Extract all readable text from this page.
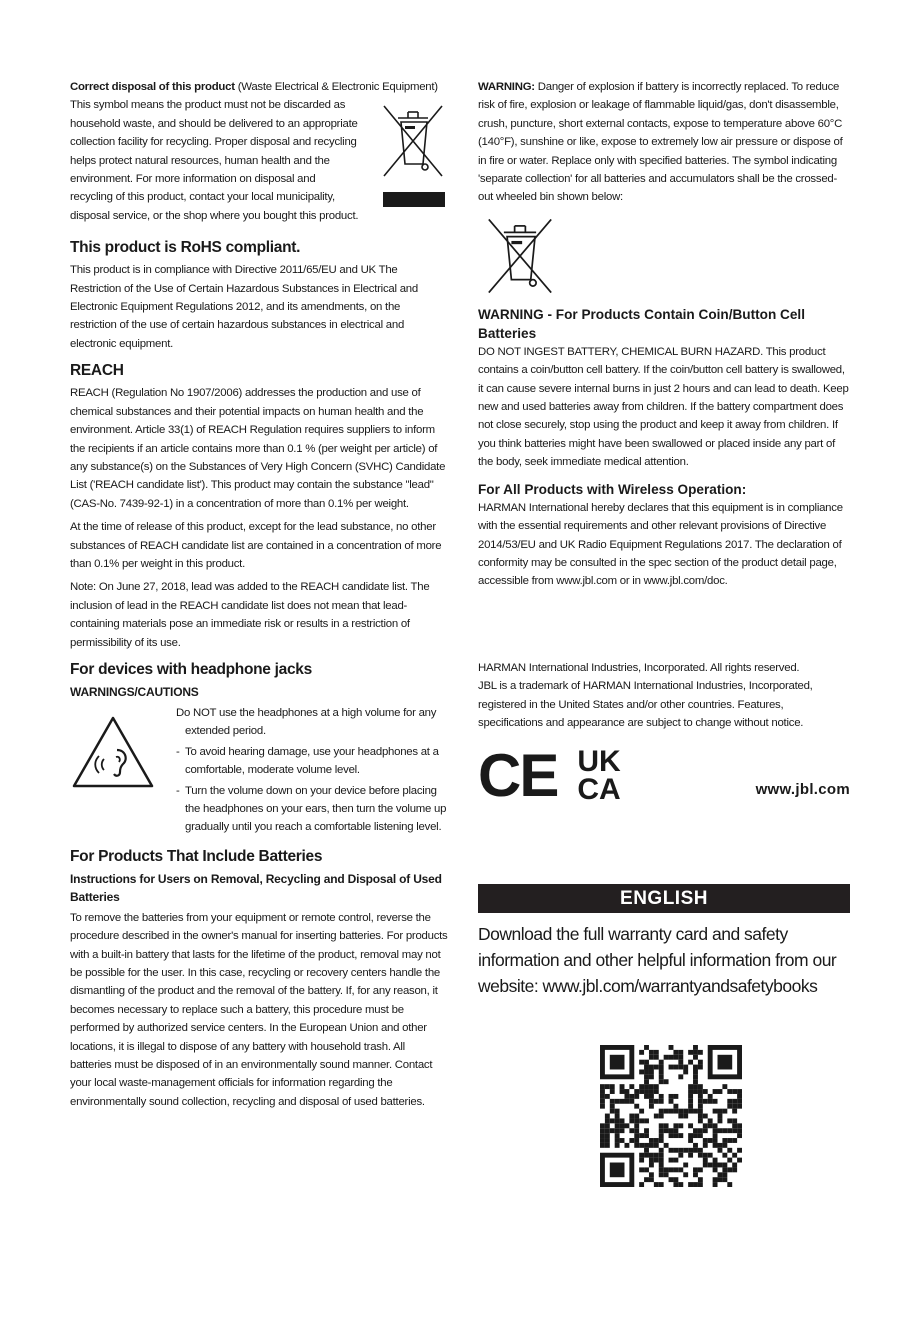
Correct disposal of this product (Waste Electrical & Electronic Equipment)

This symbol means the product must not be discarded as household waste, and should be delivered to an appropriate collection facility for recycling. Proper disposal and recycling helps protect natural resources, human health and the environment. For more information on disposal and recycling of this product, contact your local municipality, disposal service, or the shop where you bought this product.

This product is RoHS compliant.

This product is in compliance with Directive 2011/65/EU and UK The Restriction of the Use of Certain Hazardous Substances in Electrical and Electronic Equipment Regulations 2012, and its amendments, on the restriction of the use of certain hazardous substances in electrical and electronic equipment.

REACH

REACH (Regulation No 1907/2006) addresses the production and use of chemical substances and their potential impacts on human health and the environment. Article 33(1) of REACH Regulation requires suppliers to inform the recipients if an article contains more than 0.1 % (per weight per article) of any substance(s) on the Substances of Very High Concern (SVHC) Candidate List ('REACH candidate list'). This product may contain the substance "lead"(CAS-No. 7439-92-1) in a concentration of more than 0.1% per weight.

At the time of release of this product, except for the lead substance, no other substances of REACH candidate list are contained in a concentration of more than 0.1% per weight in this product.

Note: On June 27, 2018, lead was added to the REACH candidate list. The inclusion of lead in the REACH candidate list does not mean that lead-containing materials pose an immediate risk or results in a restriction of permissibility of its use.

For devices with headphone jacks
WARNINGS/CAUTIONS
Do NOT use the headphones at a high volume for any extended period.
- To avoid hearing damage, use your headphones at a comfortable, moderate volume level.
- Turn the volume down on your device before placing the headphones on your ears, then turn the volume up gradually until you reach a comfortable listening level.
For Products That Include Batteries
Instructions for Users on Removal, Recycling and Disposal of Used Batteries

To remove the batteries from your equipment or remote control, reverse the procedure described in the owner's manual for inserting batteries. For products with a built-in battery that lasts for the lifetime of the product, removal may not be possible for the user. In this case, recycling or recovery centers handle the dismantling of the product and the removal of the battery. If, for any reason, it becomes necessary to replace such a battery, this procedure must be performed by authorized service centers. In the European Union and other locations, it is illegal to dispose of any battery with household trash. All batteries must be disposed of in an environmentally sound manner. Contact your local waste-management officials for information regarding the environmentally sound collection, recycling and disposal of used batteries.

WARNING: Danger of explosion if battery is incorrectly replaced. To reduce risk of fire, explosion or leakage of flammable liquid/gas, don't disassemble, crush, puncture, short external contacts, expose to temperature above 60°C (140°F), sunshine or like, expose to extremely low air pressure or dispose of in fire or water. Replace only with specified batteries. The symbol indicating 'separate collection' for all batteries and accumulators shall be the crossed-out wheeled bin shown below:

WARNING - For Products Contain Coin/Button Cell Batteries

DO NOT INGEST BATTERY, CHEMICAL BURN HAZARD. This product contains a coin/button cell battery. If the coin/button cell battery is swallowed, it can cause severe internal burns in just 2 hours and can lead to death. Keep new and used batteries away from children. If the battery compartment does not close securely, stop using the product and keep it away from children. If you think batteries might have been swallowed or placed inside any part of the body, seek immediate medical attention.

For All Products with Wireless Operation:

HARMAN International hereby declares that this equipment is in compliance with the essential requirements and other relevant provisions of Directive 2014/53/EU and UK Radio Equipment Regulations 2017. The declaration of conformity may be consulted in the spec section of the product detail page, accessible from www.jbl.com or in www.jbl.com/doc.

HARMAN International Industries, Incorporated. All rights reserved.

JBL is a trademark of HARMAN International Industries, Incorporated, registered in the United States and/or other countries. Features, specifications and appearance are subject to change without notice.

CE UK
CA	www.jbl.com
ENGLISH

Download the full warranty card and safety information and other helpful information from our website: www.jbl.com/warrantyandsafetybooks
